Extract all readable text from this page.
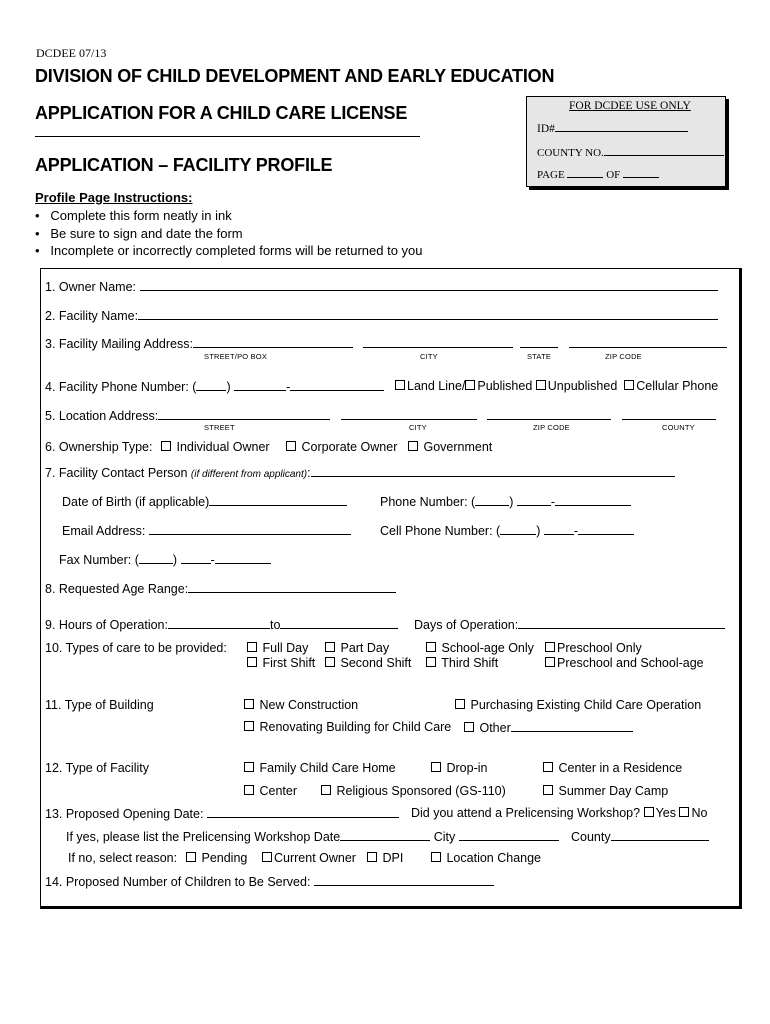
DCDEE 07/13
DIVISION OF CHILD DEVELOPMENT AND EARLY EDUCATION
APPLICATION FOR A CHILD CARE LICENSE
APPLICATION – FACILITY PROFILE
FOR DCDEE USE ONLY
ID#
COUNTY NO.
PAGE	OF
Profile Page Instructions:
•   Complete this form neatly in ink
•   Be sure to sign and date the form
•   Incomplete or incorrectly completed forms will be returned to you
1. Owner Name:
2. Facility Name:
3. Facility Mailing Address:
STREET/PO BOX	CITY	STATE	ZIP CODE
4. Facility Phone Number: ( )	-	Land Line/ Published Unpublished Cellular Phone
5. Location Address:
STREET	CITY	ZIP CODE	COUNTY
6. Ownership Type:	Individual Owner	Corporate Owner	Government
7. Facility Contact Person (if different from applicant):
Date of Birth (if applicable)	Phone Number: (	)	-
Email Address:	Cell Phone Number: (	) -
Fax Number: (	) -
8. Requested Age Range:
9. Hours of Operation:	to	Days of Operation:
10. Types of care to be provided:	Full Day	Part Day	School-age Only	Preschool Only
First Shift	Second Shift	Third Shift	Preschool and School-age
11. Type of Building	New Construction	Purchasing Existing Child Care Operation
Renovating Building for Child Care	Other
12. Type of Facility	Family Child Care Home	Drop-in	Center in a Residence
Center	Religious Sponsored (GS-110)	Summer Day Camp
13. Proposed Opening Date:	Did you attend a Prelicensing Workshop? Yes No
If yes, please list the Prelicensing Workshop Date	City	County
If no, select reason:	Pending	Current Owner	DPI	Location Change
14. Proposed Number of Children to Be Served:
